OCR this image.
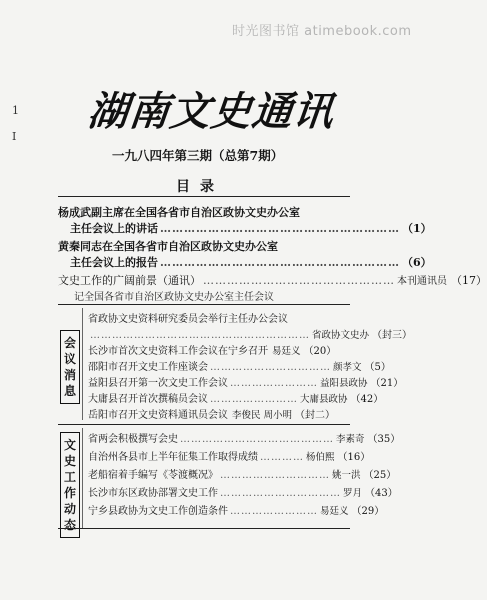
时光图书馆 atimebook.com
1
I
湖南文史通讯
一九八四年第三期（总第7期）
目录
杨成武副主席在全国各省市自治区政协文史办公室
主任会议上的讲话 …………………………………………………… （1）
黄秦同志在全国各省市自治区政协文史办公室
主任会议上的报告 …………………………………………………… （6）
文史工作的广阔前景（通讯） ………………………………………… 本刊通讯员 （17）
记全国各省市自治区政协文史办公室主任会议
会
议
消
息
省政协文史资料研究委员会举行主任办公会议
…………………………………………………… 省政协文史办 （封三）
长沙市首次文史资料工作会议在宁乡召开 易廷义 （20）
邵阳市召开文史工作座谈会 …………………………… 颜孝文 （5）
益阳县召开第一次文史工作会议 …………………… 益阳县政协 （21）
大庸县召开首次撰稿员会议 …………………… 大庸县政协 （42）
岳阳市召开文史资料通讯员会议 李俊民 周小明 （封二）
文
史
工
作
动
态
省两会积极撰写会史 …………………………………… 李素奇 （35）
自治州各县市上半年征集工作取得成绩 ………… 杨伯熙 （16）
老船宿着手编写《苓渡概况》 ………………………… 姚一洪 （25）
长沙市东区政协部署文史工作 …………………………… 罗月 （43）
宁乡县政协为文史工作创造条件 …………………… 易廷义 （29）
